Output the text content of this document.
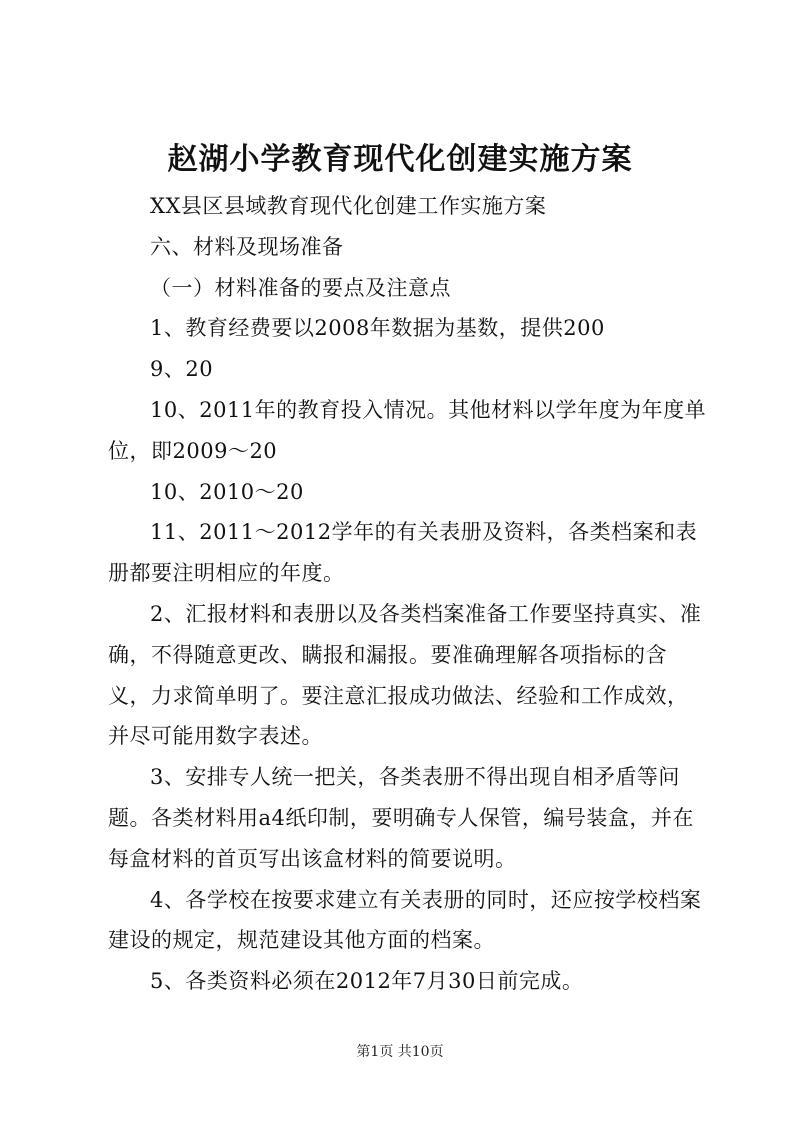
赵湖小学教育现代化创建实施方案

XX县区县域教育现代化创建工作实施方案

六、材料及现场准备

（一）材料准备的要点及注意点

1、教育经费要以2008年数据为基数，提供200

9、20

10、2011年的教育投入情况。其他材料以学年度为年度单位，即2009～20

10、2010～20

11、2011～2012学年的有关表册及资料，各类档案和表册都要注明相应的年度。

2、汇报材料和表册以及各类档案准备工作要坚持真实、准确，不得随意更改、瞒报和漏报。要准确理解各项指标的含义，力求简单明了。要注意汇报成功做法、经验和工作成效，并尽可能用数字表述。

3、安排专人统一把关，各类表册不得出现自相矛盾等问题。各类材料用a4纸印制，要明确专人保管，编号装盒，并在每盒材料的首页写出该盒材料的简要说明。

4、各学校在按要求建立有关表册的同时，还应按学校档案建设的规定，规范建设其他方面的档案。

5、各类资料必须在2012年7月30日前完成。

第1页 共10页
